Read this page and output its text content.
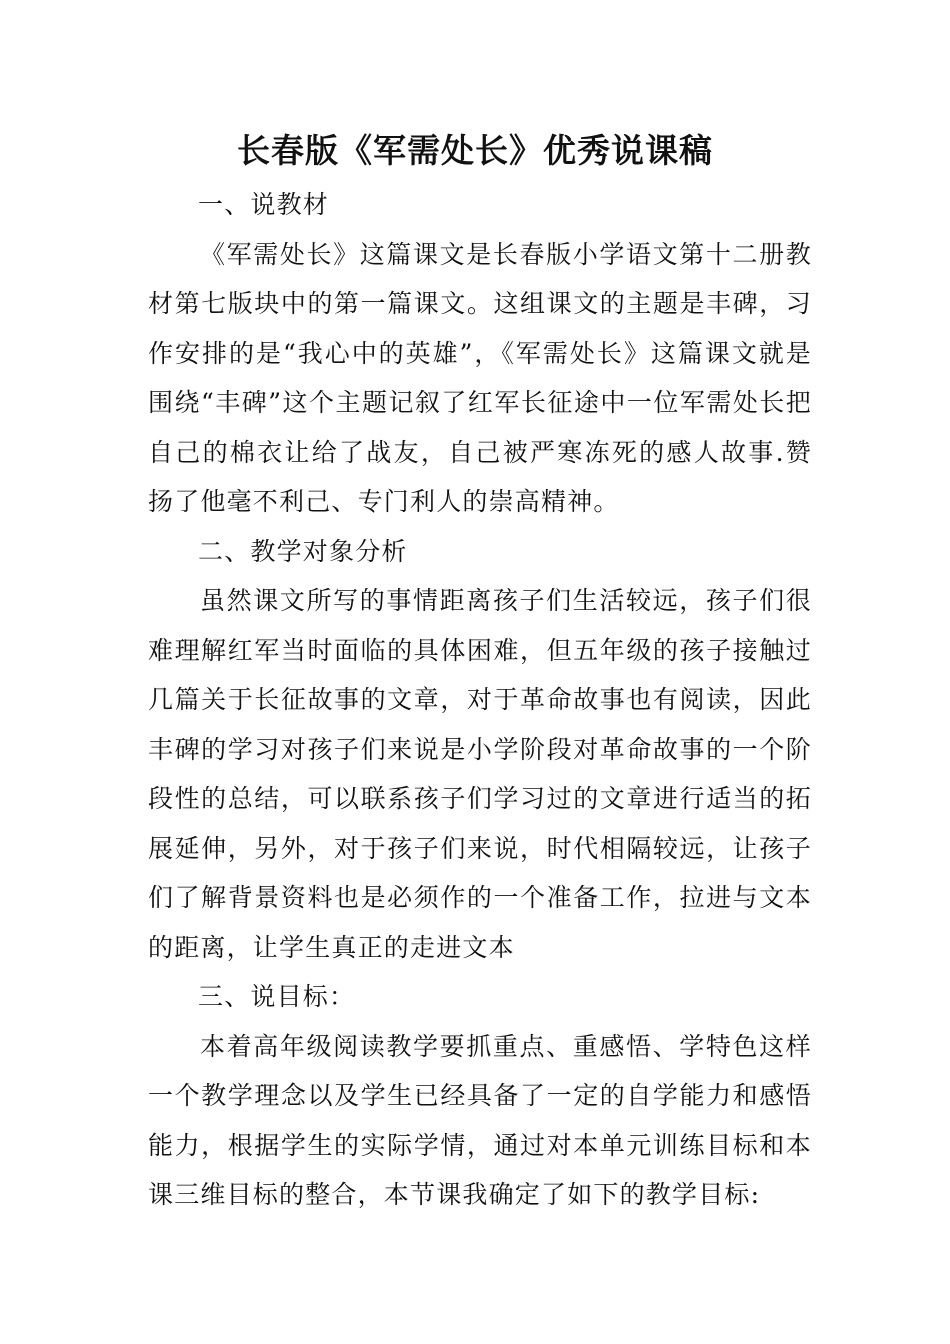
长春版《军需处长》优秀说课稿

一、说教材

《军需处长》这篇课文是长春版小学语文第十二册教材第七版块中的第一篇课文。这组课文的主题是丰碑，习作安排的是“我心中的英雄”，《军需处长》这篇课文就是围绕“丰碑”这个主题记叙了红军长征途中一位军需处长把自己的棉衣让给了战友，自己被严寒冻死的感人故事.赞扬了他毫不利己、专门利人的崇高精神。

二、教学对象分析

虽然课文所写的事情距离孩子们生活较远，孩子们很难理解红军当时面临的具体困难，但五年级的孩子接触过几篇关于长征故事的文章，对于革命故事也有阅读，因此丰碑的学习对孩子们来说是小学阶段对革命故事的一个阶段性的总结，可以联系孩子们学习过的文章进行适当的拓展延伸，另外，对于孩子们来说，时代相隔较远，让孩子们了解背景资料也是必须作的一个准备工作，拉进与文本的距离，让学生真正的走进文本

三、说目标：

本着高年级阅读教学要抓重点、重感悟、学特色这样一个教学理念以及学生已经具备了一定的自学能力和感悟能力，根据学生的实际学情，通过对本单元训练目标和本课三维目标的整合，本节课我确定了如下的教学目标:
